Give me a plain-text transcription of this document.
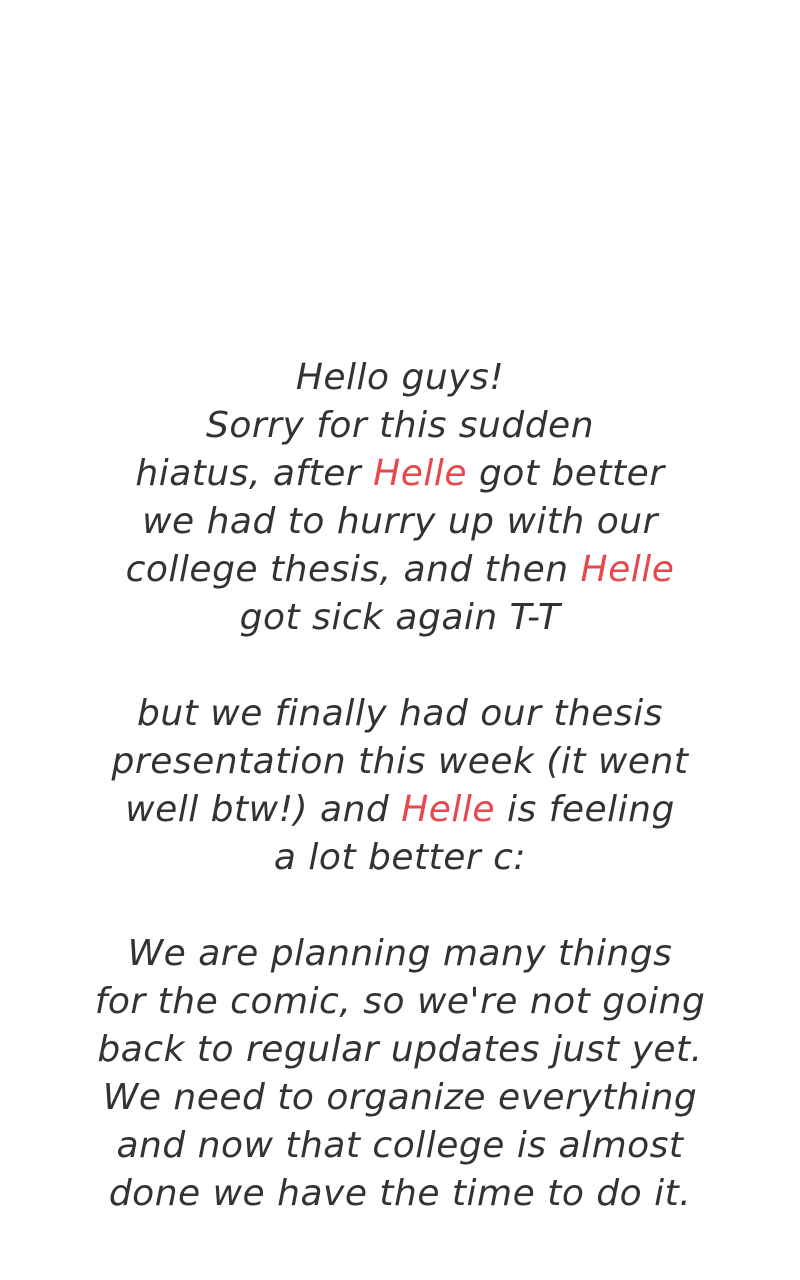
Hello guys!
Sorry for this sudden
hiatus, after Helle got better
we had to hurry up with our
college thesis, and then Helle
got sick again T-T
but we finally had our thesis
presentation this week (it went
well btw!) and Helle is feeling
a lot better c:
We are planning many things
for the comic, so we're not going
back to regular updates just yet.
We need to organize everything
and now that college is almost
done we have the time to do it.
